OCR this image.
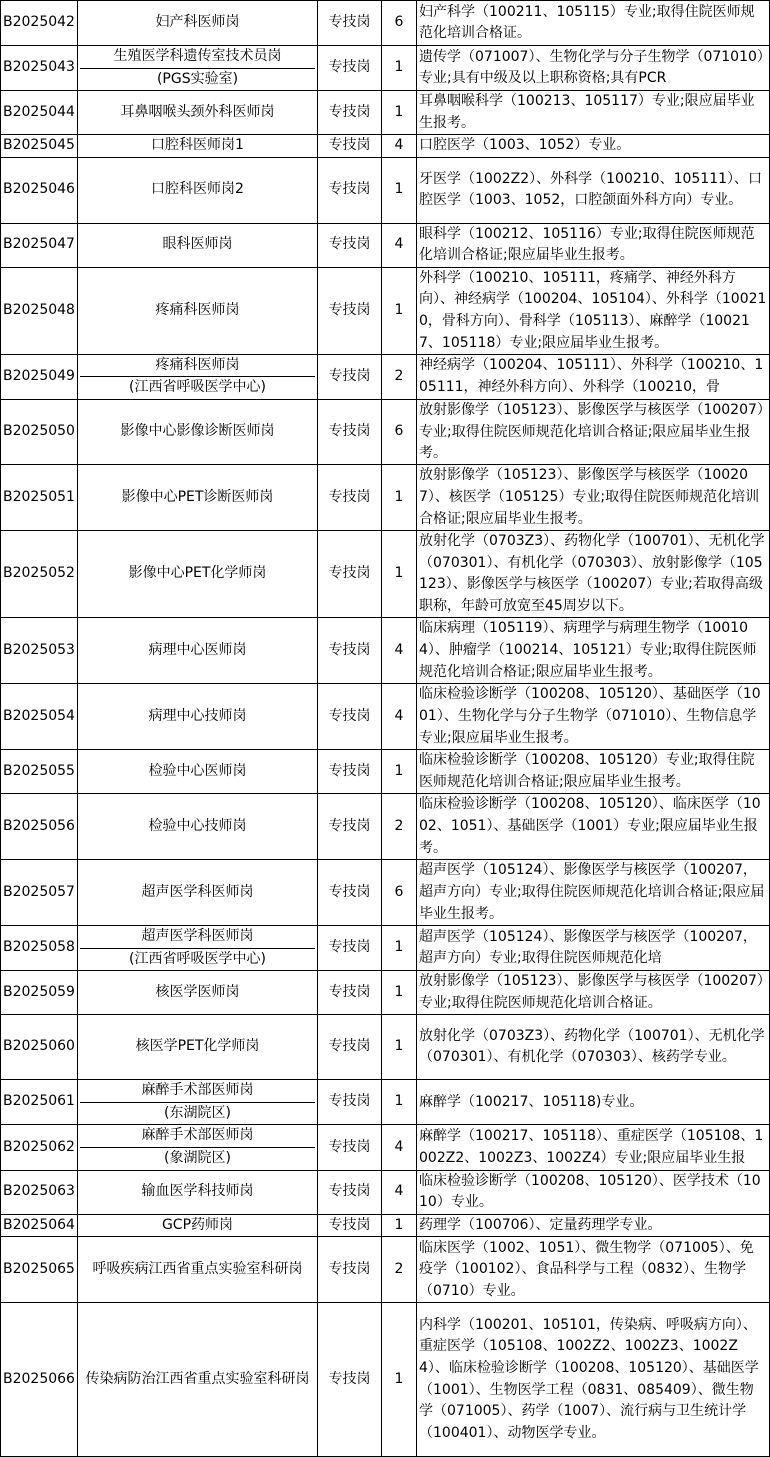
B2025042	妇产科医师岗	专技岗	6	妇产科学（100211、105115）专业;取得住院医师规范化培训合格证。

B2025043	生殖医学科遗传室技术员岗
(PGS实验室)	专技岗	1	遗传学（071007）、生物化学与分子生物学（071010）专业;具有中级及以上职称资格;具有PCR

B2025044	耳鼻咽喉头颈外科医师岗	专技岗	1	耳鼻咽喉科学（100213、105117）专业;限应届毕业生报考。

B2025045	口腔科医师岗1	专技岗	4	口腔医学（1003、1052）专业。

B2025046	口腔科医师岗2	专技岗	1	牙医学（1002Z2）、外科学（100210、105111）、口腔医学（1003、1052，口腔颌面外科方向）专业。

B2025047	眼科医师岗	专技岗	4	眼科学（100212、105116）专业;取得住院医师规范化培训合格证;限应届毕业生报考。

B2025048	疼痛科医师岗	专技岗	1	外科学（100210、105111，疼痛学、神经外科方向）、神经病学（100204、105104）、外科学（100210，骨科方向）、骨科学（105113）、麻醉学（100217、105118）专业;限应届毕业生报考。

B2025049	疼痛科医师岗
(江西省呼吸医学中心)	专技岗	2	神经病学（100204、105111）、外科学（100210、105111，神经外科方向）、外科学（100210，骨

B2025050	影像中心影像诊断医师岗	专技岗	6	放射影像学（105123）、影像医学与核医学（100207）专业;取得住院医师规范化培训合格证;限应届毕业生报考。

B2025051	影像中心PET诊断医师岗	专技岗	1	放射影像学（105123）、影像医学与核医学（100207）、核医学（105125）专业;取得住院医师规范化培训合格证;限应届毕业生报考。

B2025052	影像中心PET化学师岗	专技岗	1	放射化学（0703Z3）、药物化学（100701）、无机化学（070301）、有机化学（070303）、放射影像学（105123）、影像医学与核医学（100207）专业;若取得高级职称，年龄可放宽至45周岁以下。

B2025053	病理中心医师岗	专技岗	4	临床病理（105119）、病理学与病理生物学（100104）、肿瘤学（100214、105121）专业;取得住院医师规范化培训合格证;限应届毕业生报考。

B2025054	病理中心技师岗	专技岗	4	临床检验诊断学（100208、105120）、基础医学（1001）、生物化学与分子生物学（071010）、生物信息学专业;限应届毕业生报考。

B2025055	检验中心医师岗	专技岗	1	临床检验诊断学（100208、105120）专业;取得住院医师规范化培训合格证;限应届毕业生报考。

B2025056	检验中心技师岗	专技岗	2	临床检验诊断学（100208、105120）、临床医学（1002、1051）、基础医学（1001）专业;限应届毕业生报考。

B2025057	超声医学科医师岗	专技岗	6	超声医学（105124）、影像医学与核医学（100207，超声方向）专业;取得住院医师规范化培训合格证;限应届毕业生报考。

B2025058	超声医学科医师岗
(江西省呼吸医学中心)	专技岗	1	超声医学（105124）、影像医学与核医学（100207，超声方向）专业;取得住院医师规范化培

B2025059	核医学医师岗	专技岗	1	放射影像学（105123）、影像医学与核医学（100207）专业;取得住院医师规范化培训合格证。

B2025060	核医学PET化学师岗	专技岗	1	放射化学（0703Z3）、药物化学（100701）、无机化学（070301）、有机化学（070303）、核药学专业。

B2025061	麻醉手术部医师岗
(东湖院区)	专技岗	1	麻醉学（100217、105118)专业。

B2025062	麻醉手术部医师岗
(象湖院区)	专技岗	4	麻醉学（100217、105118）、重症医学（105108、1002Z2、1002Z3、1002Z4）专业;限应届毕业生报

B2025063	输血医学科技师岗	专技岗	4	临床检验诊断学（100208、105120）、医学技术（1010）专业。

B2025064	GCP药师岗	专技岗	1	药理学（100706）、定量药理学专业。

B2025065	呼吸疾病江西省重点实验室科研岗	专技岗	2	临床医学（1002、1051）、微生物学（071005）、免疫学（100102）、食品科学与工程（0832）、生物学（0710）专业。

B2025066	传染病防治江西省重点实验室科研岗	专技岗	1	内科学（100201、105101，传染病、呼吸病方向）、重症医学（105108、1002Z2、1002Z3、1002Z4）、临床检验诊断学（100208、105120）、基础医学（1001）、生物医学工程（0831、085409）、微生物学（071005）、药学（1007）、流行病与卫生统计学（100401）、动物医学专业。
